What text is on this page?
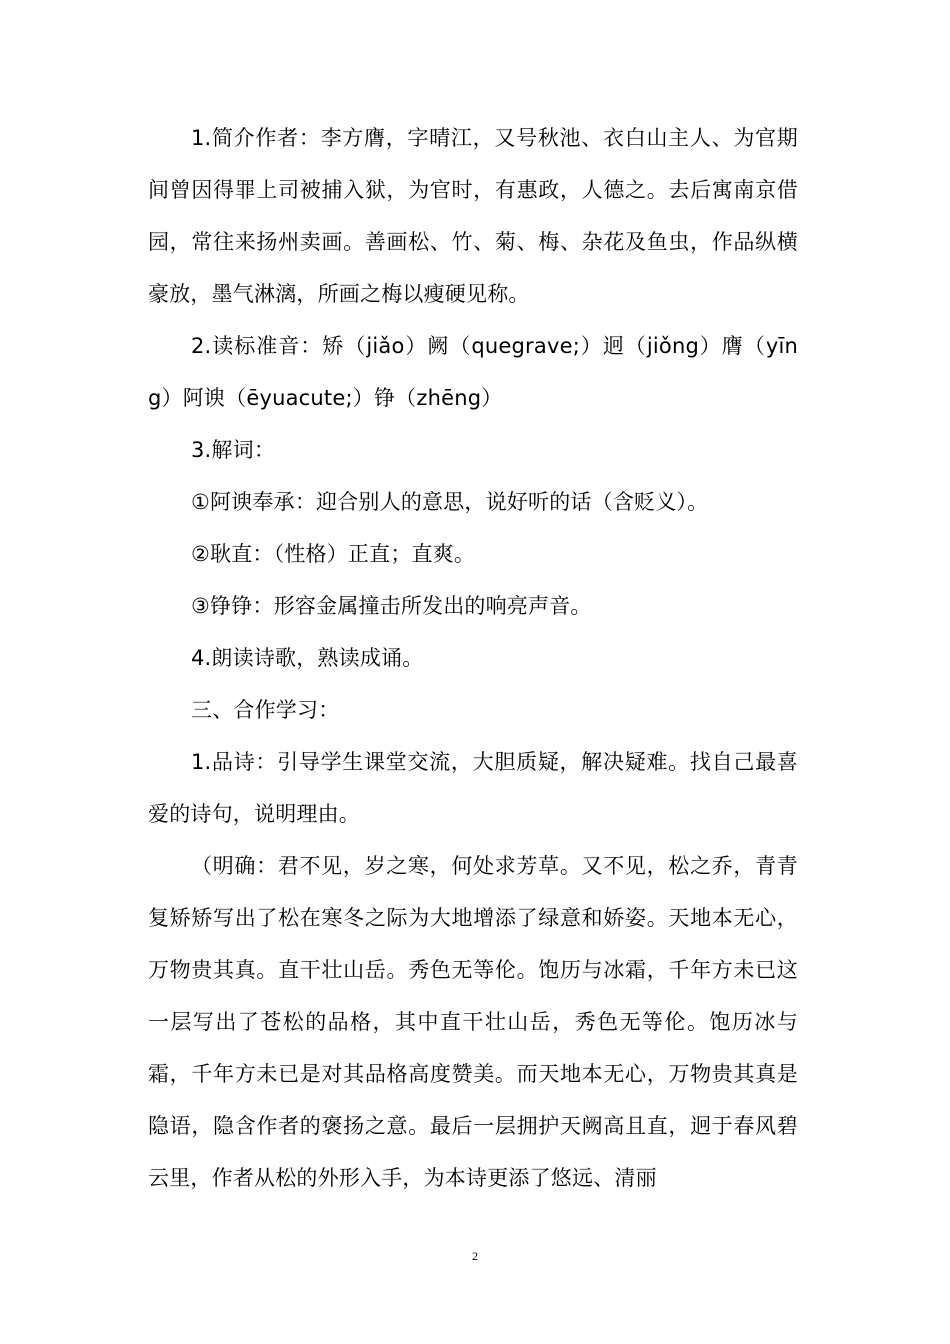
1.简介作者：李方膺，字晴江，又号秋池、衣白山主人、为官期间曾因得罪上司被捕入狱，为官时，有惠政，人德之。去后寓南京借园，常往来扬州卖画。善画松、竹、菊、梅、杂花及鱼虫，作品纵横豪放，墨气淋漓，所画之梅以瘦硬见称。

2.读标准音：矫（jiǎo）阙（quegrave;）迥（jiǒng）膺（yīng）阿谀（ēyuacute;）铮（zhēng）

3.解词：

①阿谀奉承：迎合别人的意思，说好听的话（含贬义）。

②耿直：（性格）正直；直爽。

③铮铮：形容金属撞击所发出的响亮声音。

4.朗读诗歌，熟读成诵。

三、合作学习：

1.品诗：引导学生课堂交流，大胆质疑，解决疑难。找自己最喜爱的诗句，说明理由。

（明确：君不见，岁之寒，何处求芳草。又不见，松之乔，青青复矫矫写出了松在寒冬之际为大地增添了绿意和娇姿。天地本无心，万物贵其真。直干壮山岳。秀色无等伦。饱历与冰霜，千年方未已这一层写出了苍松的品格，其中直干壮山岳，秀色无等伦。饱历冰与霜，千年方未已是对其品格高度赞美。而天地本无心，万物贵其真是隐语，隐含作者的褒扬之意。最后一层拥护天阙高且直，迥于春风碧云里，作者从松的外形入手，为本诗更添了悠远、清丽

2
